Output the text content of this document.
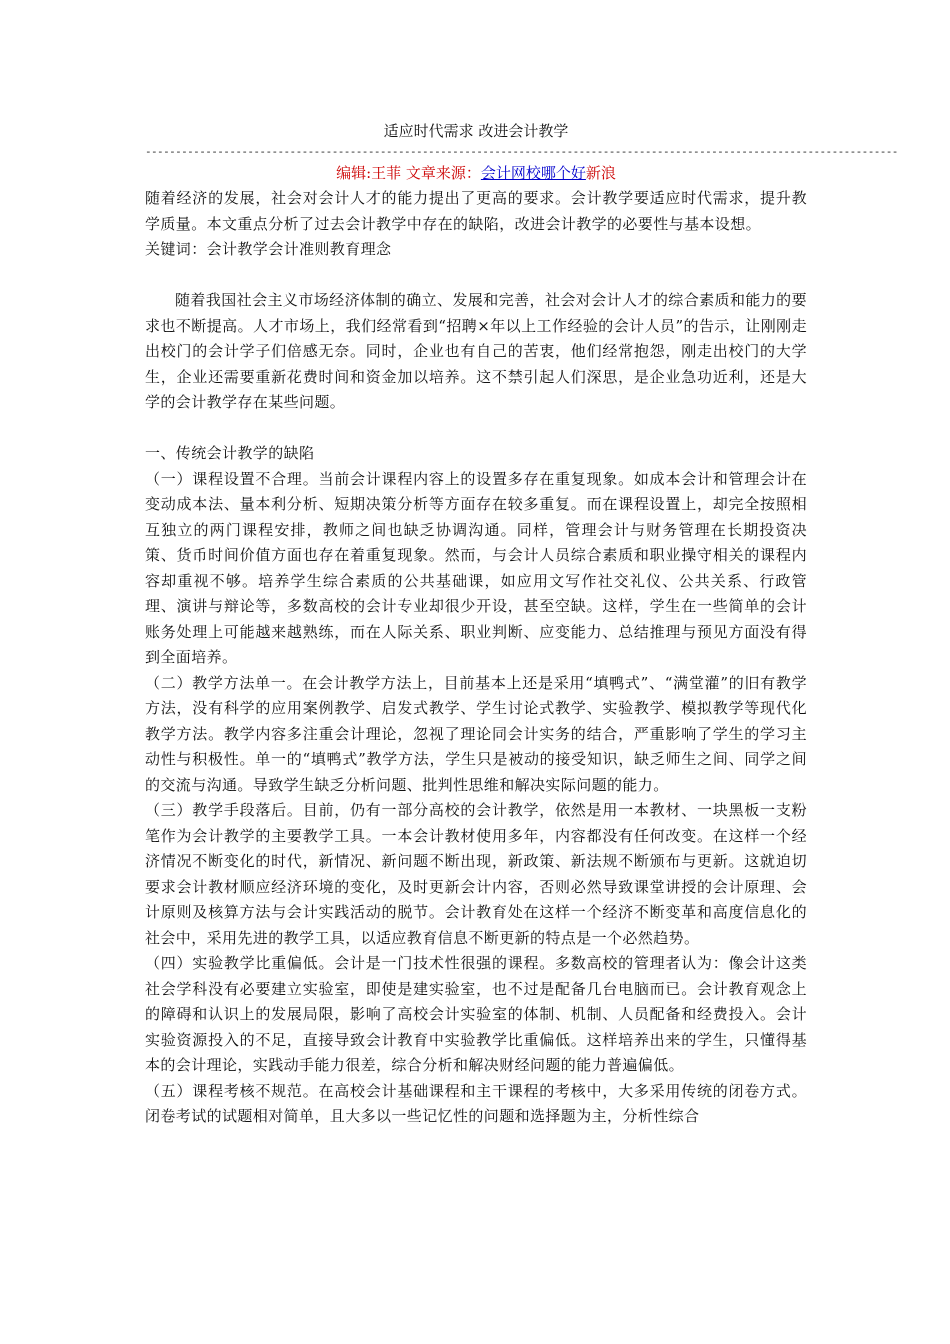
适应时代需求 改进会计教学
-----------------------------------------------------------------------------------------------------------------------------
编辑:王菲 文章来源：会计网校哪个好新浪

随着经济的发展，社会对会计人才的能力提出了更高的要求。会计教学要适应时代需求，提升教学质量。本文重点分析了过去会计教学中存在的缺陷，改进会计教学的必要性与基本设想。

关键词：会计教学会计准则教育理念

随着我国社会主义市场经济体制的确立、发展和完善，社会对会计人才的综合素质和能力的要求也不断提高。人才市场上，我们经常看到“招聘×年以上工作经验的会计人员”的告示，让刚刚走出校门的会计学子们倍感无奈。同时，企业也有自己的苦衷，他们经常抱怨，刚走出校门的大学生，企业还需要重新花费时间和资金加以培养。这不禁引起人们深思，是企业急功近利，还是大学的会计教学存在某些问题。

一、传统会计教学的缺陷

（一）课程设置不合理。当前会计课程内容上的设置多存在重复现象。如成本会计和管理会计在变动成本法、量本利分析、短期决策分析等方面存在较多重复。而在课程设置上，却完全按照相互独立的两门课程安排，教师之间也缺乏协调沟通。同样，管理会计与财务管理在长期投资决策、货币时间价值方面也存在着重复现象。然而，与会计人员综合素质和职业操守相关的课程内容却重视不够。培养学生综合素质的公共基础课，如应用文写作社交礼仪、公共关系、行政管理、演讲与辩论等，多数高校的会计专业却很少开设，甚至空缺。这样，学生在一些简单的会计账务处理上可能越来越熟练，而在人际关系、职业判断、应变能力、总结推理与预见方面没有得到全面培养。

（二）教学方法单一。在会计教学方法上，目前基本上还是采用“填鸭式”、“满堂灌”的旧有教学方法，没有科学的应用案例教学、启发式教学、学生讨论式教学、实验教学、模拟教学等现代化教学方法。教学内容多注重会计理论，忽视了理论同会计实务的结合，严重影响了学生的学习主动性与积极性。单一的“填鸭式”教学方法，学生只是被动的接受知识，缺乏师生之间、同学之间的交流与沟通。导致学生缺乏分析问题、批判性思维和解决实际问题的能力。

（三）教学手段落后。目前，仍有一部分高校的会计教学，依然是用一本教材、一块黑板一支粉笔作为会计教学的主要教学工具。一本会计教材使用多年，内容都没有任何改变。在这样一个经济情况不断变化的时代，新情况、新问题不断出现，新政策、新法规不断颁布与更新。这就迫切要求会计教材顺应经济环境的变化，及时更新会计内容，否则必然导致课堂讲授的会计原理、会计原则及核算方法与会计实践活动的脱节。会计教育处在这样一个经济不断变革和高度信息化的社会中，采用先进的教学工具，以适应教育信息不断更新的特点是一个必然趋势。

（四）实验教学比重偏低。会计是一门技术性很强的课程。多数高校的管理者认为：像会计这类社会学科没有必要建立实验室，即使是建实验室，也不过是配备几台电脑而已。会计教育观念上的障碍和认识上的发展局限，影响了高校会计实验室的体制、机制、人员配备和经费投入。会计实验资源投入的不足，直接导致会计教育中实验教学比重偏低。这样培养出来的学生，只懂得基本的会计理论，实践动手能力很差，综合分析和解决财经问题的能力普遍偏低。

（五）课程考核不规范。在高校会计基础课程和主干课程的考核中，大多采用传统的闭卷方式。闭卷考试的试题相对简单，且大多以一些记忆性的问题和选择题为主，分析性综合
